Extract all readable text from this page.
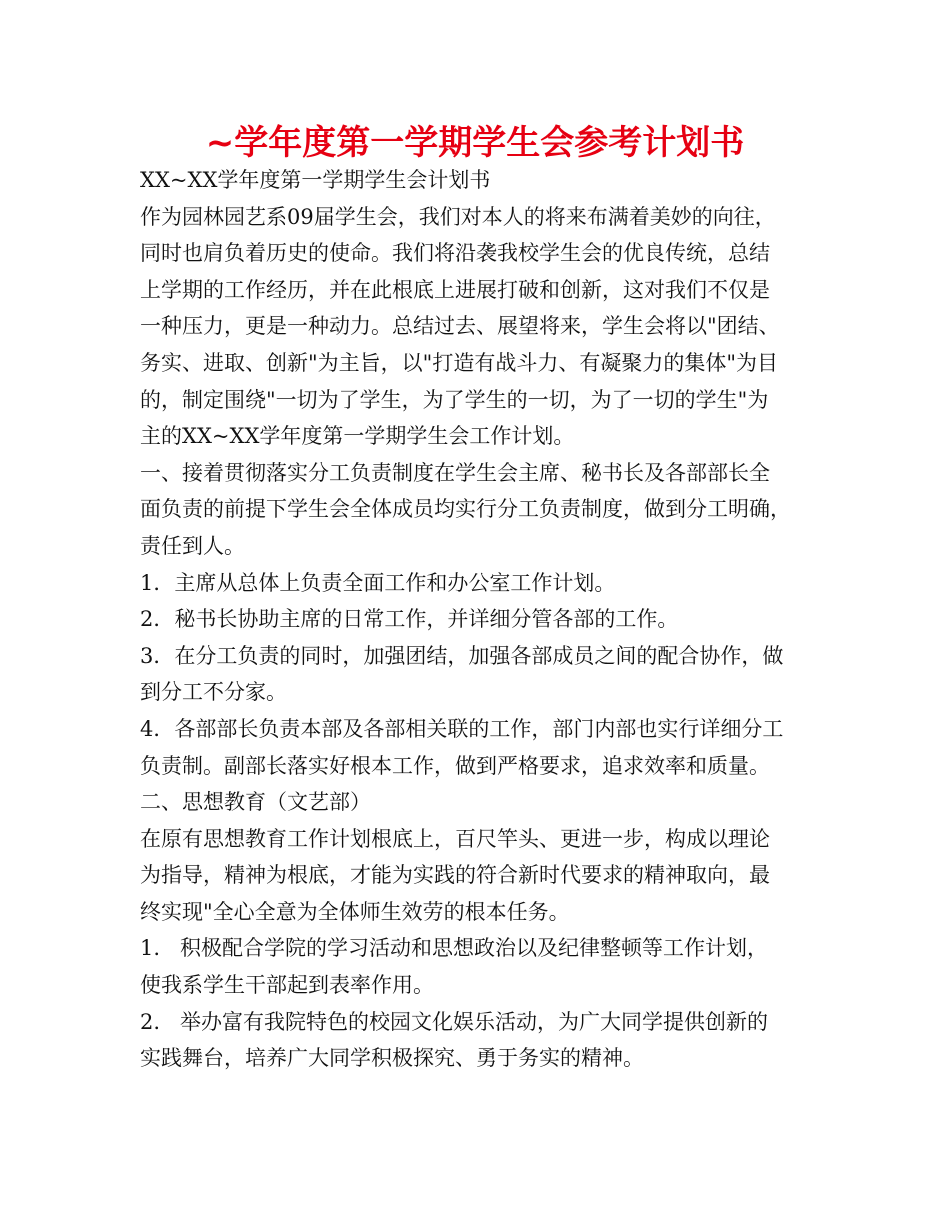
~学年度第一学期学生会参考计划书
XX~XX学年度第一学期学生会计划书
作为园林园艺系09届学生会，我们对本人的将来布满着美妙的向往，
同时也肩负着历史的使命。我们将沿袭我校学生会的优良传统，总结
上学期的工作经历，并在此根底上进展打破和创新，这对我们不仅是
一种压力，更是一种动力。总结过去、展望将来，学生会将以"团结、
务实、进取、创新"为主旨，以"打造有战斗力、有凝聚力的集体"为目
的，制定围绕"一切为了学生，为了学生的一切，为了一切的学生"为
主的XX~XX学年度第一学期学生会工作计划。
一、接着贯彻落实分工负责制度在学生会主席、秘书长及各部部长全
面负责的前提下学生会全体成员均实行分工负责制度，做到分工明确，
责任到人。
1．主席从总体上负责全面工作和办公室工作计划。
2．秘书长协助主席的日常工作，并详细分管各部的工作。
3．在分工负责的同时，加强团结，加强各部成员之间的配合协作，做
到分工不分家。
4．各部部长负责本部及各部相关联的工作，部门内部也实行详细分工
负责制。副部长落实好根本工作，做到严格要求，追求效率和质量。
二、思想教育（文艺部）
在原有思想教育工作计划根底上，百尺竿头、更进一步，构成以理论
为指导，精神为根底，才能为实践的符合新时代要求的精神取向，最
终实现"全心全意为全体师生效劳的根本任务。
1.   积极配合学院的学习活动和思想政治以及纪律整顿等工作计划，
使我系学生干部起到表率作用。
2.   举办富有我院特色的校园文化娱乐活动，为广大同学提供创新的
实践舞台，培养广大同学积极探究、勇于务实的精神。
